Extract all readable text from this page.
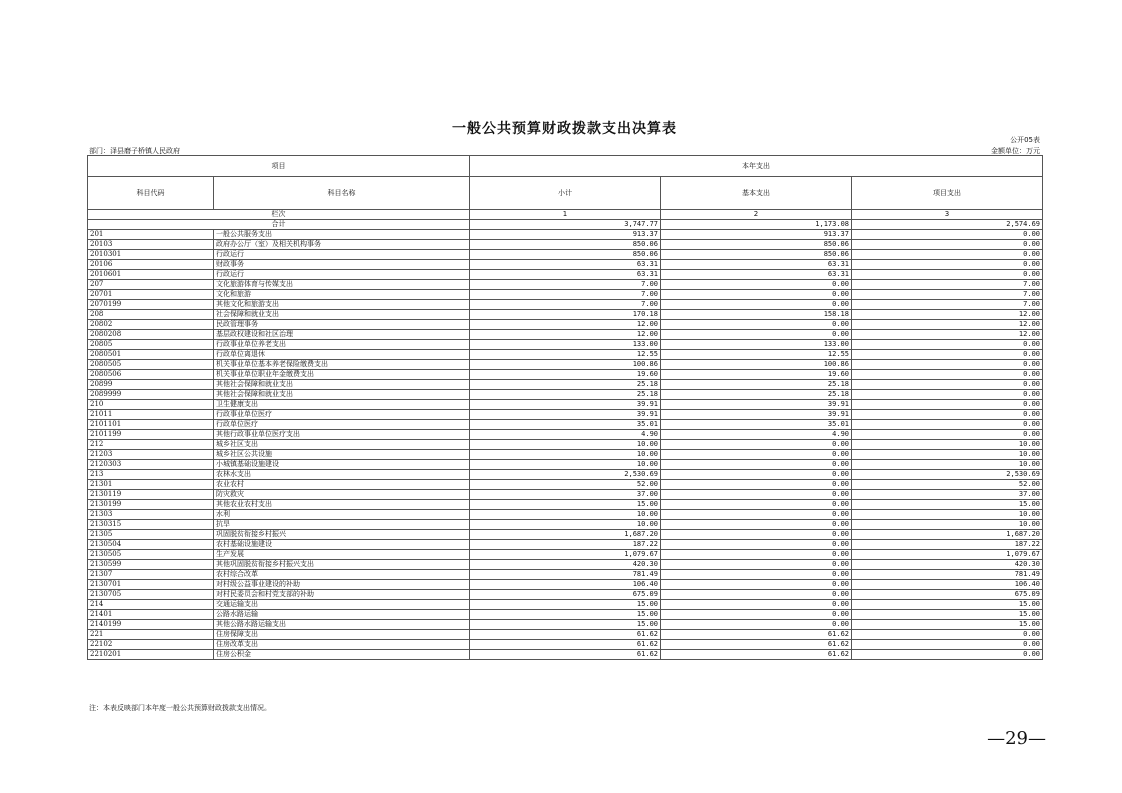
一般公共预算财政拨款支出决算表
公开05表
部门：泽县磨子桥镇人民政府	金额单位：万元
项目		本年支出		
科目代码	科目名称	小计	基本支出	项目支出
栏次		1	2	3
合计		3,747.77	1,173.08	2,574.69
201	一般公共服务支出	913.37	913.37	0.00
20103	政府办公厅（室）及相关机构事务	850.06	850.06	0.00
2010301	行政运行	850.06	850.06	0.00
20106	财政事务	63.31	63.31	0.00
2010601	行政运行	63.31	63.31	0.00
207	文化旅游体育与传媒支出	7.00	0.00	7.00
20701	文化和旅游	7.00	0.00	7.00
2070199	其他文化和旅游支出	7.00	0.00	7.00
208	社会保障和就业支出	170.18	158.18	12.00
20802	民政管理事务	12.00	0.00	12.00
2080208	基层政权建设和社区治理	12.00	0.00	12.00
20805	行政事业单位养老支出	133.00	133.00	0.00
2080501	行政单位离退休	12.55	12.55	0.00
2080505	机关事业单位基本养老保险缴费支出	100.86	100.86	0.00
2080506	机关事业单位职业年金缴费支出	19.60	19.60	0.00
20899	其他社会保障和就业支出	25.18	25.18	0.00
2089999	其他社会保障和就业支出	25.18	25.18	0.00
210	卫生健康支出	39.91	39.91	0.00
21011	行政事业单位医疗	39.91	39.91	0.00
2101101	行政单位医疗	35.01	35.01	0.00
2101199	其他行政事业单位医疗支出	4.90	4.90	0.00
212	城乡社区支出	10.00	0.00	10.00
21203	城乡社区公共设施	10.00	0.00	10.00
2120303	小城镇基础设施建设	10.00	0.00	10.00
213	农林水支出	2,530.69	0.00	2,530.69
21301	农业农村	52.00	0.00	52.00
2130119	防灾救灾	37.00	0.00	37.00
2130199	其他农业农村支出	15.00	0.00	15.00
21303	水利	10.00	0.00	10.00
2130315	抗旱	10.00	0.00	10.00
21305	巩固脱贫衔接乡村振兴	1,687.20	0.00	1,687.20
2130504	农村基础设施建设	187.22	0.00	187.22
2130505	生产发展	1,079.67	0.00	1,079.67
2130599	其他巩固脱贫衔接乡村振兴支出	420.30	0.00	420.30
21307	农村综合改革	781.49	0.00	781.49
2130701	对村级公益事业建设的补助	106.40	0.00	106.40
2130705	对村民委员会和村党支部的补助	675.09	0.00	675.09
214	交通运输支出	15.00	0.00	15.00
21401	公路水路运输	15.00	0.00	15.00
2140199	其他公路水路运输支出	15.00	0.00	15.00
221	住房保障支出	61.62	61.62	0.00
22102	住房改革支出	61.62	61.62	0.00
2210201	住房公积金	61.62	61.62	0.00
注：本表反映部门本年度一般公共预算财政拨款支出情况。
—29—
